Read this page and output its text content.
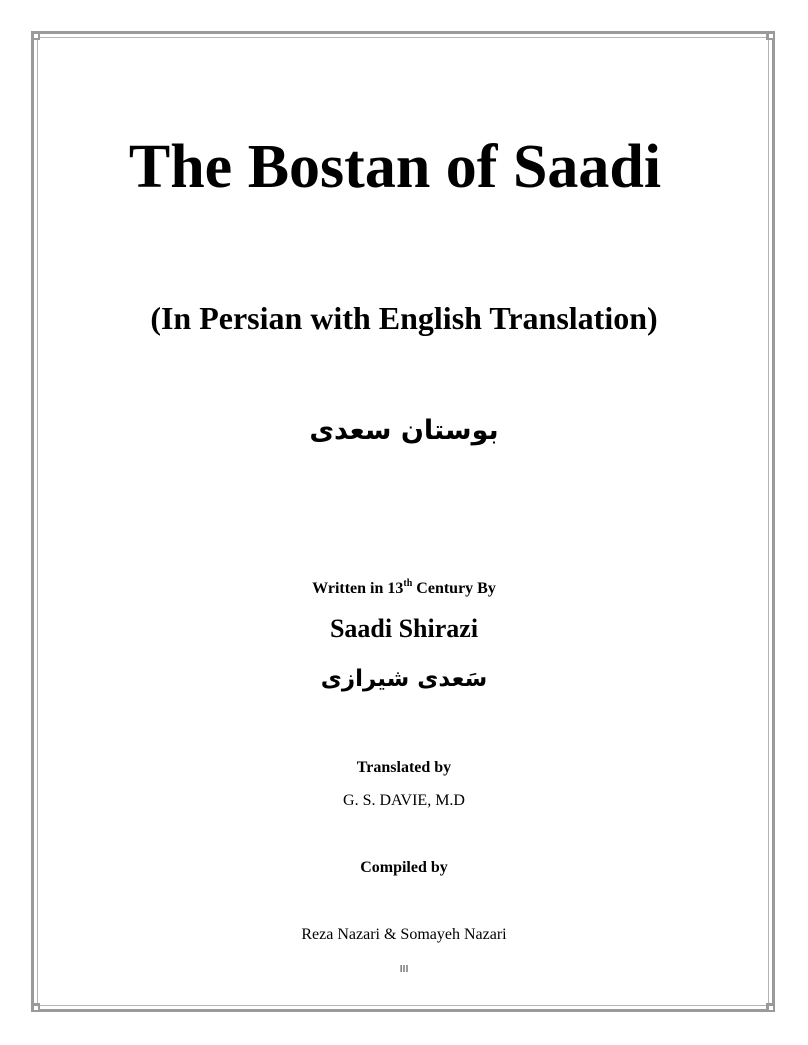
The Bostan of Saadi
(In Persian with English Translation)
بوستان سعدی
Written in 13th Century By
Saadi Shirazi
سَعدی شیرازی
Translated by
G. S. DAVIE, M.D
Compiled by
Reza Nazari & Somayeh Nazari
III
